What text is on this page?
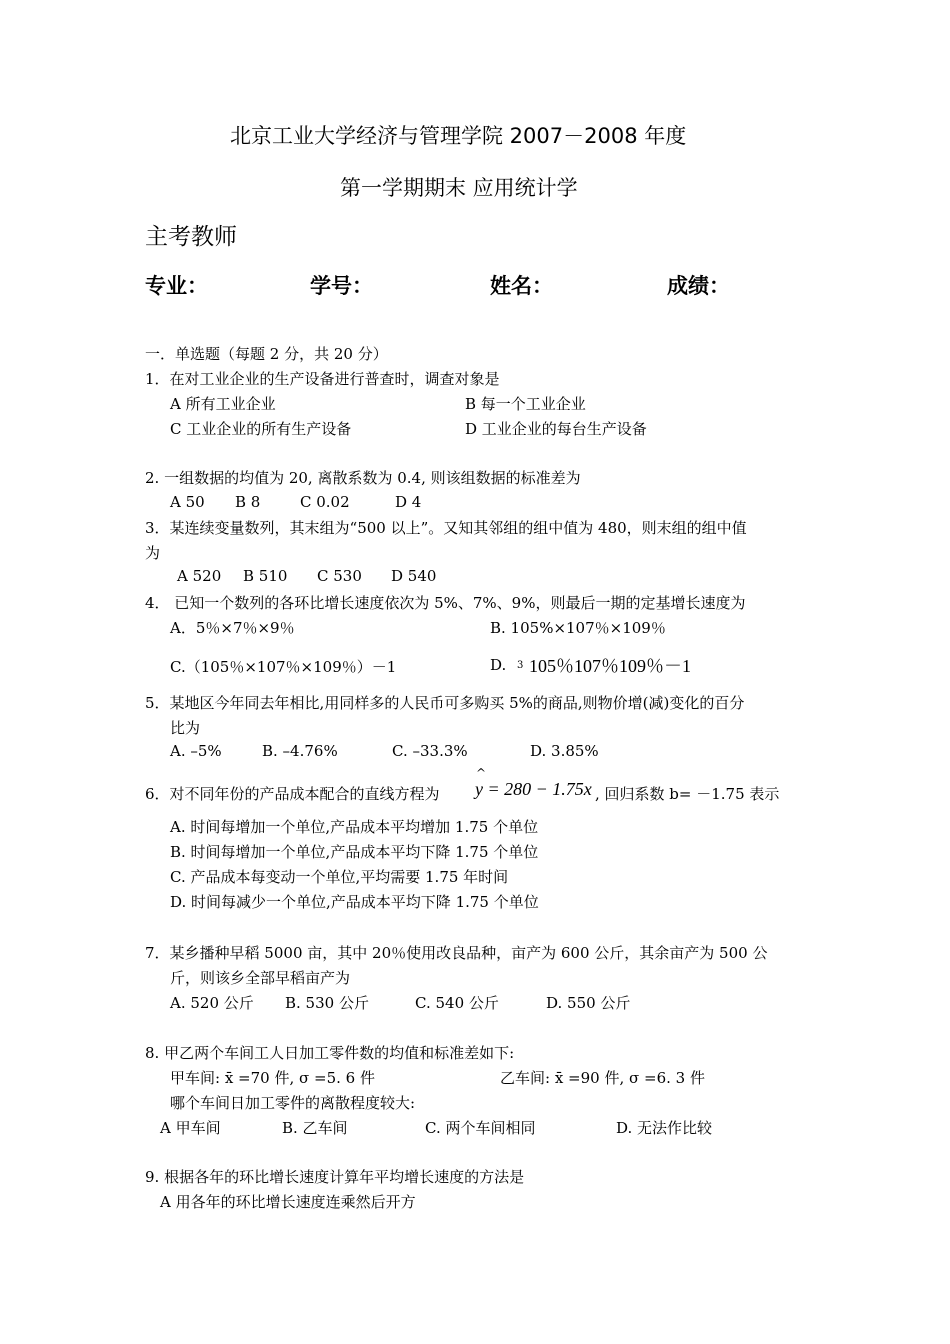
北京工业大学经济与管理学院 2007－2008 年度
第一学期期末 应用统计学
主考教师
专业：	学号：	姓名：	成绩：
一．单选题（每题 2 分，共 20 分）
1．在对工业企业的生产设备进行普查时，调查对象是
A 所有工业企业	B 每一个工业企业
C 工业企业的所有生产设备	D 工业企业的每台生产设备
2. 一组数据的均值为 20, 离散系数为 0.4, 则该组数据的标准差为
A 50 B 8	C 0.02	D 4
3．某连续变量数列，其末组为“500 以上”。又知其邻组的组中值为 480，则末组的组中值
为
A 520 B 510 C 530 D 540
4． 已知一个数列的各环比增长速度依次为 5%、7%、9%，则最后一期的定基增长速度为
A．5％×7％×9％	B. 105%×107％×109％
C.（105％×107％×109％）－1	D. 3 105％107％109％－1
5．某地区今年同去年相比,用同样多的人民币可多购买 5%的商品,则物价增(减)变化的百分
比为
A. –5%	B. –4.76%	C. –33.3%	D. 3.85%
6．对不同年份的产品成本配合的直线方程为
^
y = 280 − 1.75x , 回归系数 b= －1.75 表示
A. 时间每增加一个单位,产品成本平均增加 1.75 个单位
B. 时间每增加一个单位,产品成本平均下降 1.75 个单位
C. 产品成本每变动一个单位,平均需要 1.75 年时间
D. 时间每减少一个单位,产品成本平均下降 1.75 个单位
7．某乡播种早稻 5000 亩，其中 20％使用改良品种，亩产为 600 公斤，其余亩产为 500 公
斤，则该乡全部早稻亩产为
A. 520 公斤 B. 530 公斤	C. 540 公斤	D. 550 公斤
8. 甲乙两个车间工人日加工零件数的均值和标准差如下:
甲车间: x̄ =70 件, σ =5. 6 件	乙车间: x̄ =90 件, σ =6. 3 件
哪个车间日加工零件的离散程度较大:
A 甲车间	B. 乙车间	C. 两个车间相同	D. 无法作比较
9. 根据各年的环比增长速度计算年平均增长速度的方法是
A 用各年的环比增长速度连乘然后开方
